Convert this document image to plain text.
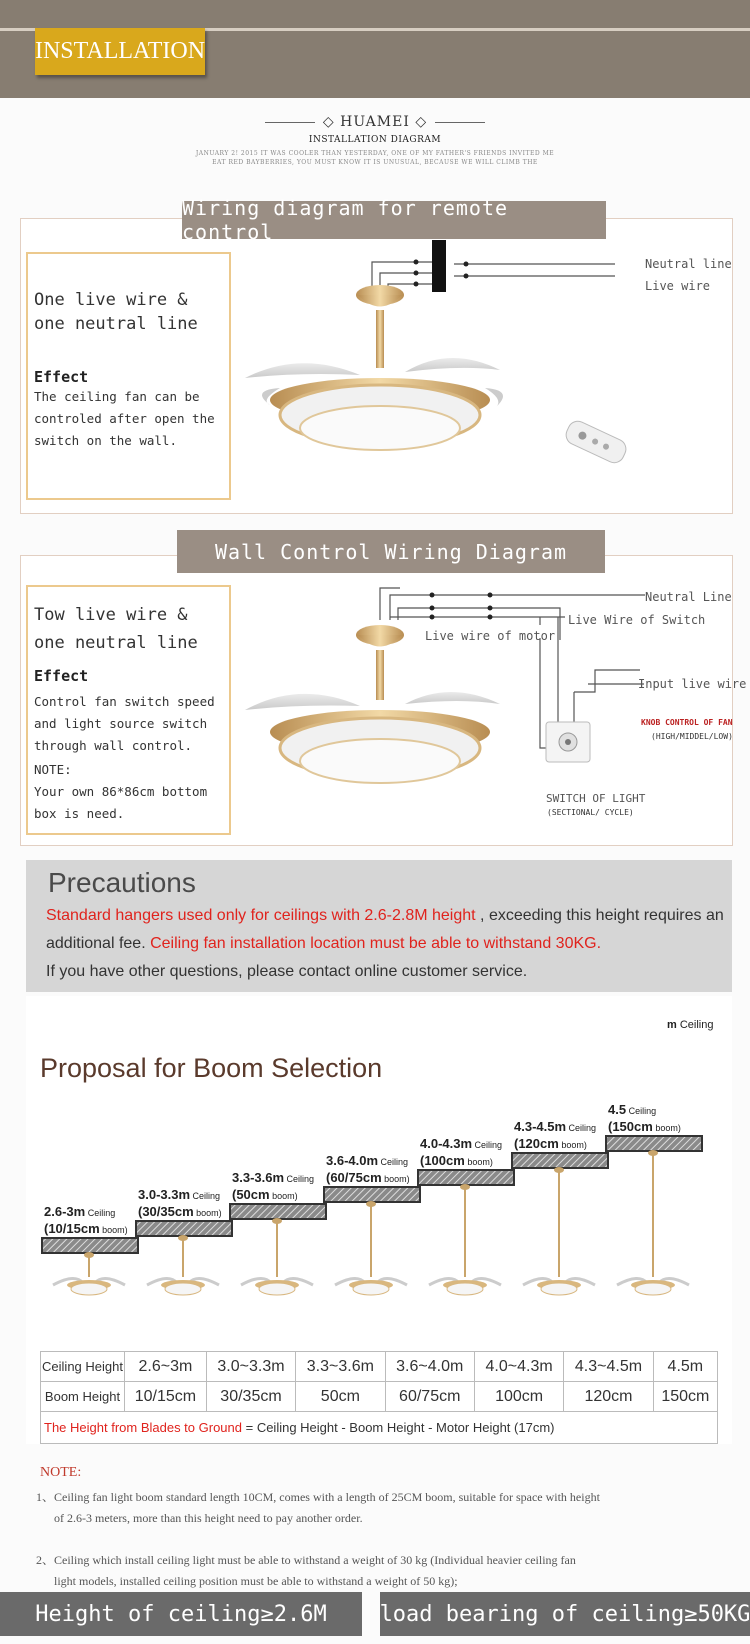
INSTALLATION
◇ HUAMEI ◇
INSTALLATION DIAGRAM
JANUARY 2! 2015 IT WAS COOLER THAN YESTERDAY, ONE OF MY FATHER'S FRIENDS INVITED ME
EAT RED BAYBERRIES, YOU MUST KNOW IT IS UNUSUAL, BECAUSE WE WILL CLIMB THE
Wiring diagram for remote control
One live wire & one neutral line
Effect
The ceiling fan can be controled after open the switch on the wall.
receiver	Neutral line
Live wire
Wall Control Wiring Diagram
Tow live wire & one neutral line
Effect
Control fan switch speed and light source switch through wall control.
NOTE:
Your own 86*86cm bottom box is need.
Neutral Line
Live Wire of Switch
Live wire of motor
Input live wire
KNOB CONTROL OF FAN
(HIGH/MIDDEL/LOW)
SWITCH OF LIGHT
(SECTIONAL/ CYCLE)
Precautions
Standard hangers used only for ceilings with 2.6-2.8M height , exceeding this height requires an
additional fee. Ceiling fan installation location must be able to withstand 30KG.
If you have other questions, please contact online customer service.
m Ceiling
Proposal for Boom Selection
2.6-3m Ceiling
(10/15cm boom)
3.0-3.3m Ceiling
(30/35cm boom)
3.3-3.6m Ceiling
(50cm boom)
3.6-4.0m Ceiling
(60/75cm boom)
4.0-4.3m Ceiling
(100cm boom)
4.3-4.5m Ceiling
(120cm boom)
4.5 Ceiling
(150cm boom)
Ceiling Height	2.6~3m	3.0~3.3m	3.3~3.6m	3.6~4.0m	4.0~4.3m	4.3~4.5m	4.5m
Boom Height	10/15cm	30/35cm	50cm	60/75cm	100cm	120cm	150cm
The Height from Blades to Ground = Ceiling Height - Boom Height - Motor Height (17cm)							
NOTE:
1、Ceiling fan light boom standard length 10CM, comes with a length of 25CM boom, suitable for space with height
of 2.6-3 meters, more than this height need to pay another order.
2、Ceiling which install ceiling light must be able to withstand a weight of 30 kg (Individual heavier ceiling fan
light models, installed ceiling position must be able to withstand a weight of 50 kg);
Height of ceiling≥2.6M	load bearing of ceiling≥50KG
